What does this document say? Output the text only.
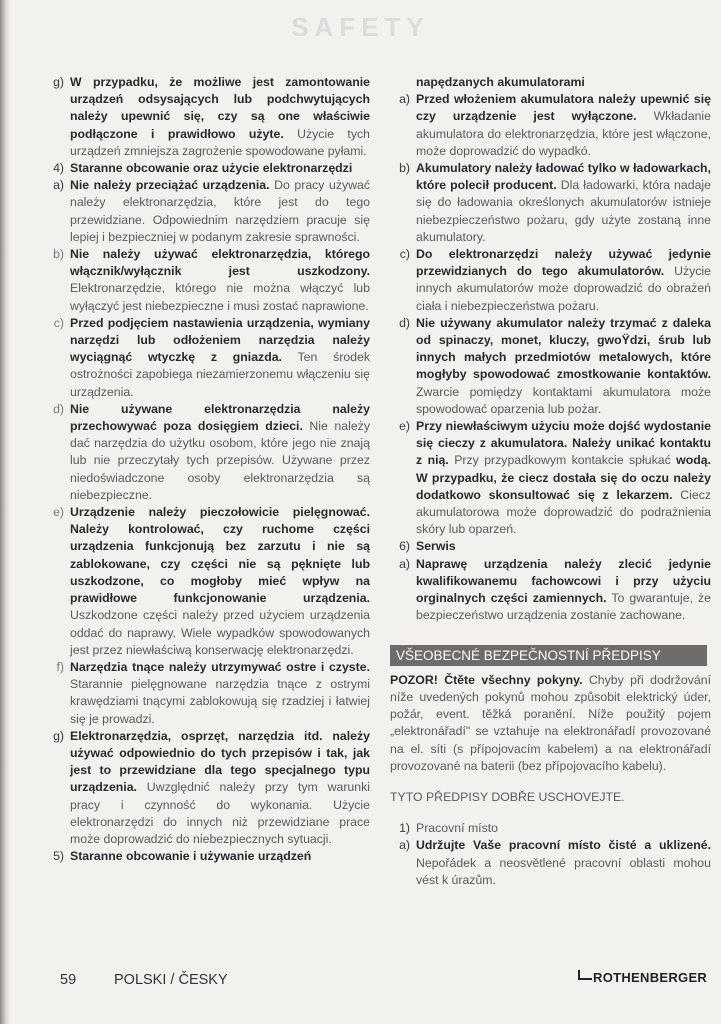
SAFETY
g) W przypadku, że możliwe jest zamontowanie urządzeń odsysających lub podchwytujących należy upewnić się, czy są one właściwie podłączone i prawidłowo użyte. Użycie tych urządzeń zmniejsza zagrożenie spowodowane pyłami.
4) Staranne obcowanie oraz użycie elektronarzędzi
a) Nie należy przeciążać urządzenia. Do pracy używać należy elektronarzędzia, które jest do tego przewidziane. Odpowiednim narzędziem pracuje się lepiej i bezpieczniej w podanym zakresie sprawności.
b) Nie należy używać elektronarzędzia, którego włącznik/wyłącznik jest uszkodzony. Elektronarzędzie, którego nie można włączyć lub wyłączyć jest niebezpieczne i musi zostać naprawione.
c) Przed podjęciem nastawienia urządzenia, wymiany narzędzi lub odłożeniem narzędzia należy wyciągnąć wtyczkę z gniazda. Ten środek ostrożności zapobiega niezamierzonemu włączeniu się urządzenia.
d) Nie używane elektronarzędzia należy przechowywać poza dosięgiem dzieci. Nie należy dać narzędzia do użytku osobom, które jego nie znają lub nie przeczytały tych przepisów. Używane przez niedoświadczone osoby elektronarzędzia są niebezpieczne.
e) Urządzenie należy pieczołowicie pielęgnować. Należy kontrolować, czy ruchome części urządzenia funkcjonują bez zarzutu i nie są zablokowane, czy części nie są pęknięte lub uszkodzone, co mogłoby mieć wpływ na prawidłowe funkcjonowanie urządzenia. Uszkodzone części należy przed użyciem urządzenia oddać do naprawy. Wiele wypadków spowodowanych jest przez niewłaściwą konserwację elektronarzędzi.
f) Narzędzia tnące należy utrzymywać ostre i czyste. Starannie pielęgnowane narzędzia tnące z ostrymi krawędziami tnącymi zablokowują się rzadziej i łatwiej się je prowadzi.
g) Elektronarzędzia, osprzęt, narzędzia itd. należy używać odpowiednio do tych przepisów i tak, jak jest to przewidziane dla tego specjalnego typu urządzenia. Uwzględnić należy przy tym warunki pracy i czynność do wykonania. Użycie elektronarzędzi do innych niż przewidziane prace może doprowadzić do niebezpiecznych sytuacji.
5) Staranne obcowanie i używanie urządzeń
napędzanych akumulatorami
a) Przed włożeniem akumulatora należy upewnić się czy urządzenie jest wyłączone. Wkładanie akumulatora do elektronarzędzia, które jest włączone, może doprowadzić do wypadkó.
b) Akumulatory należy ładować tylko w ładowarkach, które polecił producent. Dla ładowarki, która nadaje się do ładowania określonych akumulatorów istnieje niebezpieczeństwo pożaru, gdy użyte zostaną inne akumulatory.
c) Do elektronarzędzi należy używać jedynie przewidzianych do tego akumulatorów. Użycie innych akumulatorów może doprowadzić do obrażeń ciała i niebezpieczeństwa pożaru.
d) Nie używany akumulator należy trzymać z daleka od spinaczy, monet, kluczy, gwoŸdzi, śrub lub innych małych przedmiotów metalowych, które mogłyby spowodować zmostkowanie kontaktów. Zwarcie pomiędzy kontaktami akumulatora może spowodować oparzenia lub pożar.
e) Przy niewłaściwym użyciu może dojść wydostanie się cieczy z akumulatora. Należy unikać kontaktu z nią. Przy przypadkowym kontakcie spłukać wodą. W przypadku, że ciecz dostała się do oczu należy dodatkowo skonsultować się z lekarzem. Ciecz akumulatorowa może doprowadzić do podrażnienia skóry lub oparzeń.
6) Serwis
a) Naprawę urządzenia należy zlecić jedynie kwalifikowanemu fachowcowi i przy użyciu orginalnych części zamiennych. To gwarantuje, że bezpieczeństwo urządzenia zostanie zachowane.
VŠEOBECNÉ BEZPEČNOSTNÍ PŘEDPISY
POZOR! Čtěte všechny pokyny. Chyby při dodržování níže uvedených pokynů mohou způsobit elektrický úder, požár, event. těžká poranění. Níže použitý pojem „elektronářadí" se vztahuje na elektronářadí provozované na el. síti (s přípojovacím kabelem) a na elektronářadí provozované na baterii (bez přípojovacího kabelu).
TYTO PŘEDPISY DOBŘE USCHOVEJTE.
1) Pracovní místo
a) Udržujte Vaše pracovní místo čisté a uklizené. Nepořádek a neosvětlené pracovní oblasti mohou vést k úrazům.
59	POLSKI / ČESKY	ROTHENBERGER
